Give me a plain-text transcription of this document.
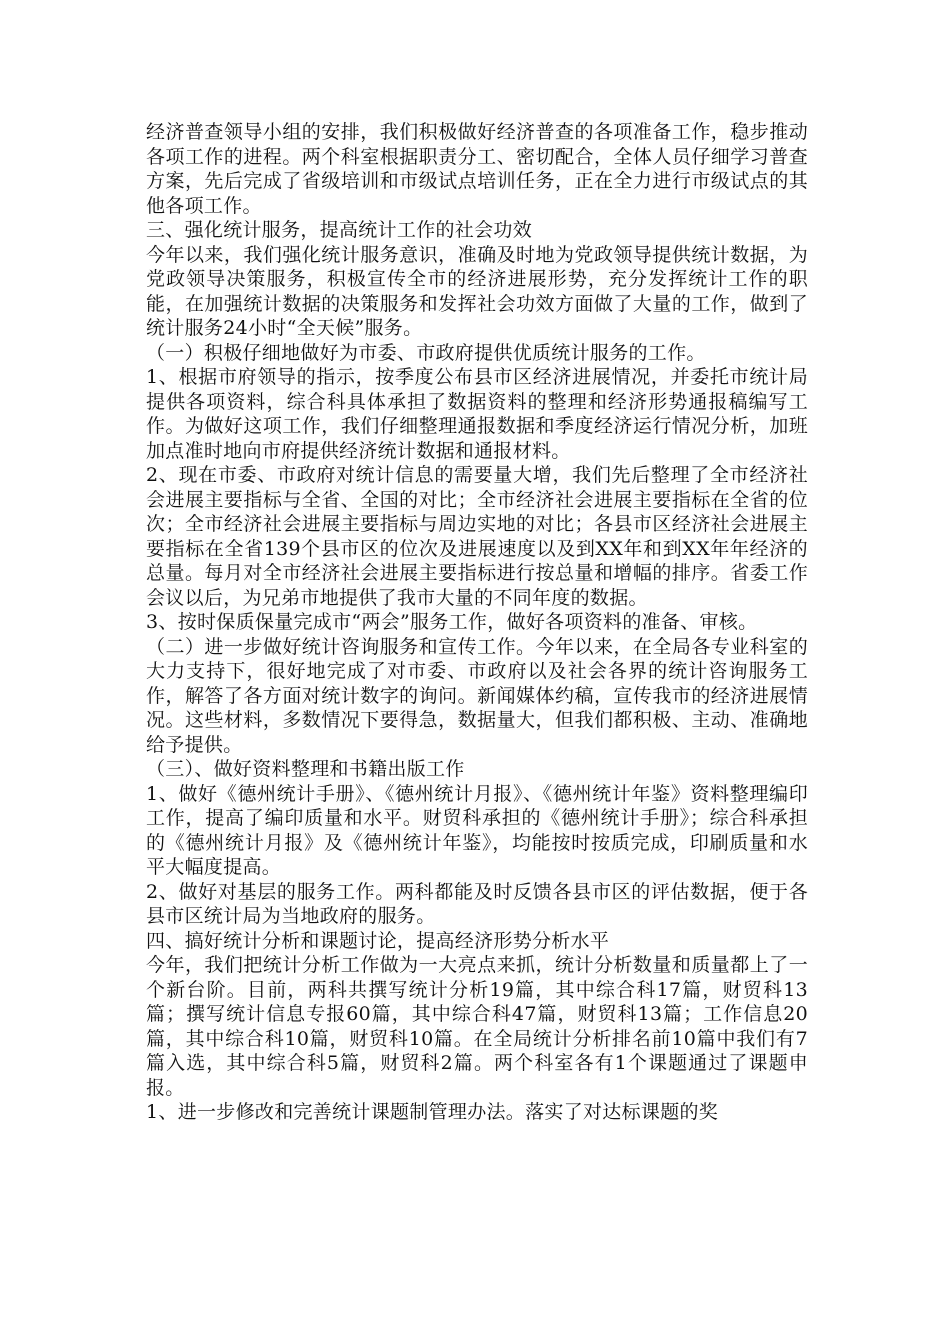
经济普查领导小组的安排，我们积极做好经济普查的各项准备工作，稳步推动各项工作的进程。两个科室根据职责分工、密切配合，全体人员仔细学习普查方案，先后完成了省级培训和市级试点培训任务，正在全力进行市级试点的其他各项工作。

三、强化统计服务，提高统计工作的社会功效

今年以来，我们强化统计服务意识，准确及时地为党政领导提供统计数据，为党政领导决策服务，积极宣传全市的经济进展形势，充分发挥统计工作的职能，在加强统计数据的决策服务和发挥社会功效方面做了大量的工作，做到了统计服务24小时“全天候”服务。

（一）积极仔细地做好为市委、市政府提供优质统计服务的工作。

1、根据市府领导的指示，按季度公布县市区经济进展情况，并委托市统计局提供各项资料，综合科具体承担了数据资料的整理和经济形势通报稿编写工作。为做好这项工作，我们仔细整理通报数据和季度经济运行情况分析，加班加点准时地向市府提供经济统计数据和通报材料。

2、现在市委、市政府对统计信息的需要量大增，我们先后整理了全市经济社会进展主要指标与全省、全国的对比；全市经济社会进展主要指标在全省的位次；全市经济社会进展主要指标与周边实地的对比；各县市区经济社会进展主要指标在全省139个县市区的位次及进展速度以及到XX年和到XX年年经济的总量。每月对全市经济社会进展主要指标进行按总量和增幅的排序。省委工作会议以后，为兄弟市地提供了我市大量的不同年度的数据。

3、按时保质保量完成市“两会”服务工作，做好各项资料的准备、审核。

（二）进一步做好统计咨询服务和宣传工作。今年以来，在全局各专业科室的大力支持下，很好地完成了对市委、市政府以及社会各界的统计咨询服务工作，解答了各方面对统计数字的询问。新闻媒体约稿，宣传我市的经济进展情况。这些材料，多数情况下要得急，数据量大，但我们都积极、主动、准确地给予提供。

（三）、做好资料整理和书籍出版工作

1、做好《德州统计手册》、《德州统计月报》、《德州统计年鉴》资料整理编印工作，提高了编印质量和水平。财贸科承担的《德州统计手册》；综合科承担的《德州统计月报》及《德州统计年鉴》，均能按时按质完成，印刷质量和水平大幅度提高。

2、做好对基层的服务工作。两科都能及时反馈各县市区的评估数据，便于各县市区统计局为当地政府的服务。

四、搞好统计分析和课题讨论，提高经济形势分析水平

今年，我们把统计分析工作做为一大亮点来抓，统计分析数量和质量都上了一个新台阶。目前，两科共撰写统计分析19篇，其中综合科17篇，财贸科13篇；撰写统计信息专报60篇，其中综合科47篇，财贸科13篇；工作信息20篇，其中综合科10篇，财贸科10篇。在全局统计分析排名前10篇中我们有7篇入选，其中综合科5篇，财贸科2篇。两个科室各有1个课题通过了课题申报。

1、进一步修改和完善统计课题制管理办法。落实了对达标课题的奖
